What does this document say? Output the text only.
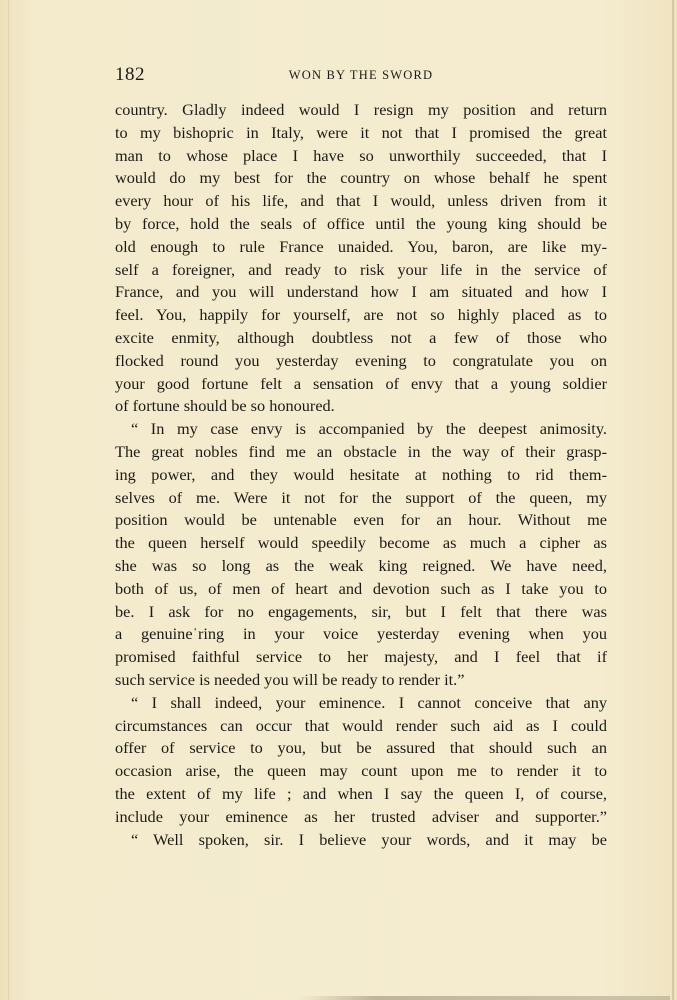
182	WON BY THE SWORD
country. Gladly indeed would I resign my position and return
to my bishopric in Italy, were it not that I promised the great
man to whose place I have so unworthily succeeded, that I
would do my best for the country on whose behalf he spent
every hour of his life, and that I would, unless driven from it
by force, hold the seals of office until the young king should be
old enough to rule France unaided. You, baron, are like my-
self a foreigner, and ready to risk your life in the service of
France, and you will understand how I am situated and how I
feel. You, happily for yourself, are not so highly placed as to
excite enmity, although doubtless not a few of those who
flocked round you yesterday evening to congratulate you on
your good fortune felt a sensation of envy that a young soldier
of fortune should be so honoured.
“ In my case envy is accompanied by the deepest animosity.
The great nobles find me an obstacle in the way of their grasp-
ing power, and they would hesitate at nothing to rid them-
selves of me. Were it not for the support of the queen, my
position would be untenable even for an hour. Without me
the queen herself would speedily become as much a cipher as
she was so long as the weak king reigned. We have need,
both of us, of men of heart and devotion such as I take you to
be. I ask for no engagements, sir, but I felt that there was
a genuineˈring in your voice yesterday evening when you
promised faithful service to her majesty, and I feel that if
such service is needed you will be ready to render it.”
“ I shall indeed, your eminence. I cannot conceive that any
circumstances can occur that would render such aid as I could
offer of service to you, but be assured that should such an
occasion arise, the queen may count upon me to render it to
the extent of my life ; and when I say the queen I, of course,
include your eminence as her trusted adviser and supporter.”
“ Well spoken, sir. I believe your words, and it may be
